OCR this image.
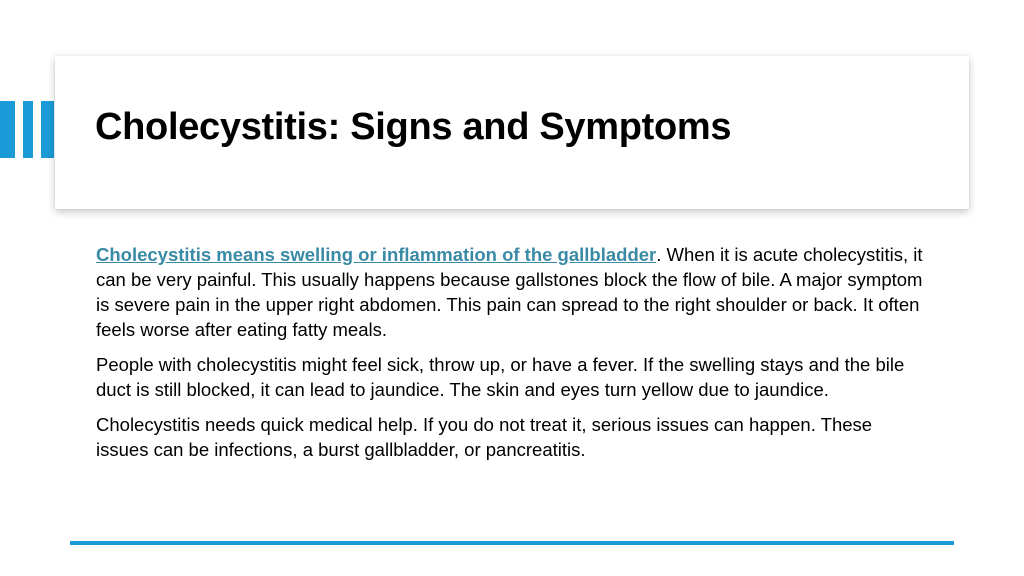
Cholecystitis: Signs and Symptoms

Cholecystitis means swelling or inflammation of the gallbladder. When it is acute cholecystitis, it can be very painful. This usually happens because gallstones block the flow of bile. A major symptom is severe pain in the upper right abdomen. This pain can spread to the right shoulder or back. It often feels worse after eating fatty meals.

People with cholecystitis might feel sick, throw up, or have a fever. If the swelling stays and the bile duct is still blocked, it can lead to jaundice. The skin and eyes turn yellow due to jaundice.

Cholecystitis needs quick medical help. If you do not treat it, serious issues can happen. These issues can be infections, a burst gallbladder, or pancreatitis.
